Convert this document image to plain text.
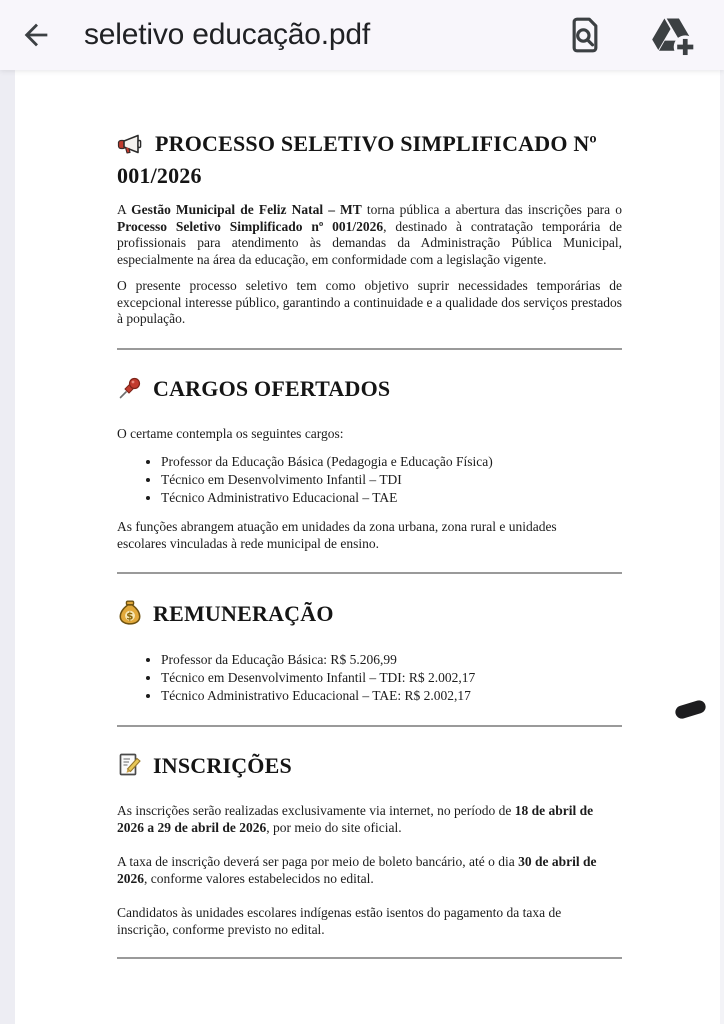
seletivo educação.pdf
PROCESSO SELETIVO SIMPLIFICADO Nº 001/2026

A Gestão Municipal de Feliz Natal – MT torna pública a abertura das inscrições para o Processo Seletivo Simplificado nº 001/2026, destinado à contratação temporária de profissionais para atendimento às demandas da Administração Pública Municipal, especialmente na área da educação, em conformidade com a legislação vigente.

O presente processo seletivo tem como objetivo suprir necessidades temporárias de excepcional interesse público, garantindo a continuidade e a qualidade dos serviços prestados à população.

CARGOS OFERTADOS

O certame contempla os seguintes cargos:

• Professor da Educação Básica (Pedagogia e Educação Física)
• Técnico em Desenvolvimento Infantil – TDI
• Técnico Administrativo Educacional – TAE

As funções abrangem atuação em unidades da zona urbana, zona rural e unidades escolares vinculadas à rede municipal de ensino.

$ REMUNERAÇÃO
• Professor da Educação Básica: R$ 5.206,99
• Técnico em Desenvolvimento Infantil – TDI: R$ 2.002,17
• Técnico Administrativo Educacional – TAE: R$ 2.002,17
INSCRIÇÕES

As inscrições serão realizadas exclusivamente via internet, no período de 18 de abril de 2026 a 29 de abril de 2026, por meio do site oficial.

A taxa de inscrição deverá ser paga por meio de boleto bancário, até o dia 30 de abril de 2026, conforme valores estabelecidos no edital.

Candidatos às unidades escolares indígenas estão isentos do pagamento da taxa de inscrição, conforme previsto no edital.
